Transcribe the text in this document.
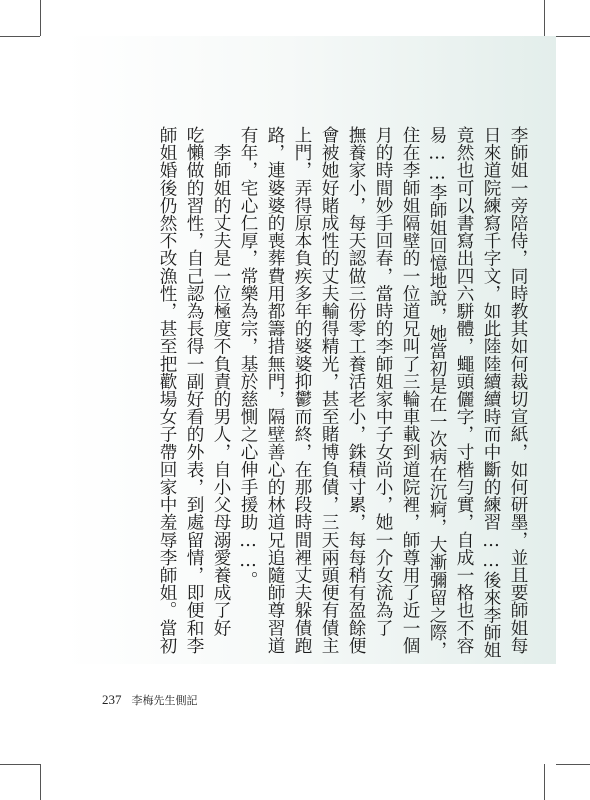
李師姐一旁陪侍，同時教其如何裁切宣紙，如何研墨，並且要師姐每
日來道院練寫千字文，如此陸陸續續時而中斷的練習……後來李師姐
竟然也可以書寫出四六駢體，蠅頭儷字，寸楷勻實，自成一格也不容
易……李師姐回憶地說，她當初是在一次病在沉痾，大漸彌留之際，
住在李師姐隔壁的一位道兄叫了三輪車載到道院裡，師尊用了近一個
月的時間妙手回春，當時的李師姐家中子女尚小，她一介女流為了
撫養家小，每天認做三份零工養活老小，銖積寸累，每每稍有盈餘便
會被她好賭成性的丈夫輸得精光，甚至賭博負債，三天兩頭便有債主
上門，弄得原本負疾多年的婆婆抑鬱而終，在那段時間裡丈夫躲債跑
路，連婆婆的喪葬費用都籌措無門，隔壁善心的林道兄追隨師尊習道
有年，宅心仁厚，常樂為宗，基於慈惻之心伸手援助……。
　李師姐的丈夫是一位極度不負責的男人，自小父母溺愛養成了好
吃懶做的習性，自己認為長得一副好看的外表，到處留情，即便和李
師姐婚後仍然不改漁性，甚至把歡場女子帶回家中羞辱李師姐。當初
237 李梅先生側記
